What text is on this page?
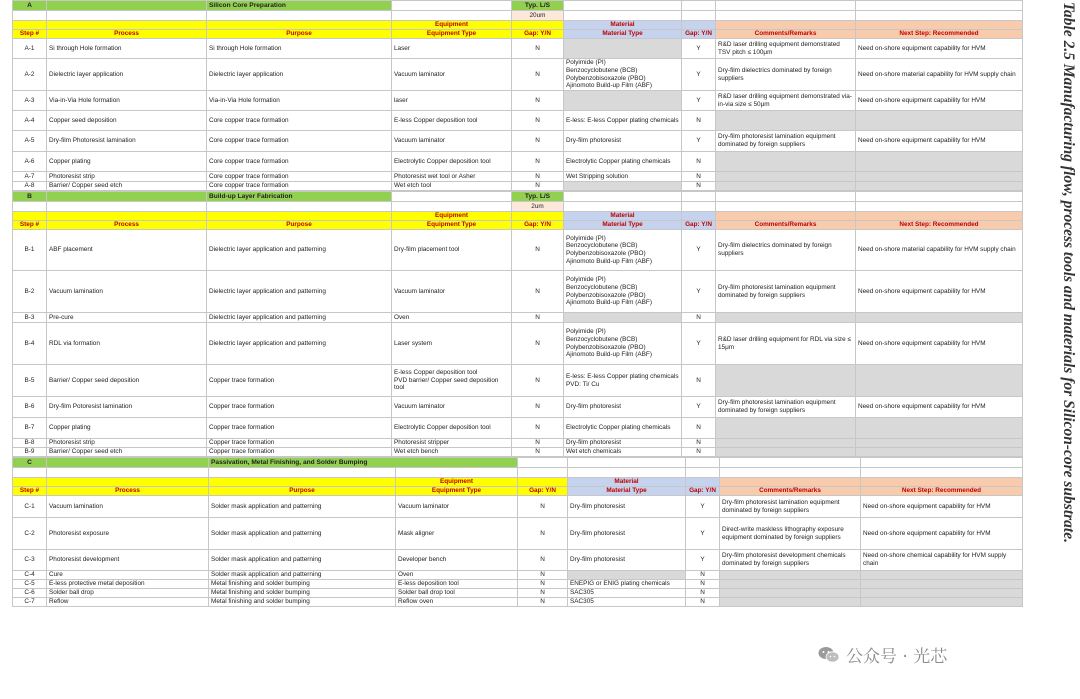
A		Silicon Core Preparation		Typ. L/S				
				20um				
			Equipment		Material			
Step #	Process	Purpose	Equipment Type	Gap: Y/N	Material Type	Gap: Y/N	Comments/Remarks	Next Step: Recommended
A-1	Si through Hole formation	Si through Hole formation	Laser	N		Y	R&D laser drilling equipment demonstrated TSV pitch ≤ 100μm	Need on-shore equipment capability for HVM
A-2	Dielectric layer application	Dielectric layer application	Vacuum laminator	N	Polyimide (PI)
Benzocyclobutene (BCB)
Polybenzobisoxazole (PBO)
Ajinomoto Build-up Film (ABF)	Y	Dry-film dielectrics dominated by foreign suppliers	Need on-shore material capability for HVM supply chain
A-3	Via-in-Via Hole formation	Via-in-Via Hole formation	laser	N		Y	R&D laser drilling equipment demonstrated via-in-via size ≤ 50μm	Need on-shore equipment capability for HVM
A-4	Copper seed deposition	Core copper trace formation	E-less Copper deposition tool	N	E-less: E-less Copper plating chemicals	N		
A-5	Dry-film Photoresist lamination	Core copper trace formation	Vacuum laminator	N	Dry-film photoresist	Y	Dry-film photoresist lamination equipment dominated by foreign suppliers	Need on-shore equipment capability for HVM
A-6	Copper plating	Core copper trace formation	Electrolytic Copper deposition tool	N	Electrolytic Copper plating chemicals	N		
A-7	Photoresist strip	Core copper trace formation	Photoresist wet tool or Asher	N	Wet Stripping solution	N		
A-8	Barrier/ Copper seed etch	Core copper trace formation	Wet etch tool	N		N		
B		Build-up Layer Fabrication		Typ. L/S				
				2um				
			Equipment		Material			
Step #	Process	Purpose	Equipment Type	Gap: Y/N	Material Type	Gap: Y/N	Comments/Remarks	Next Step: Recommended
B-1	ABF placement	Dielectric layer application and patterning	Dry-film placement tool	N	Polyimide (PI)
Benzocyclobutene (BCB)
Polybenzobisoxazole (PBO)
Ajinomoto Build-up Film (ABF)	Y	Dry-film dielectrics dominated by foreign suppliers	Need on-shore material capability for HVM supply chain
B-2	Vacuum lamination	Dielectric layer application and patterning	Vacuum laminator	N	Polyimide (PI)
Benzocyclobutene (BCB)
Polybenzobisoxazole (PBO)
Ajinomoto Build-up Film (ABF)	Y	Dry-film photoresist lamination equipment dominated by foreign suppliers	Need on-shore equipment capability for HVM
B-3	Pre-cure	Dielectric layer application and patterning	Oven	N		N		
B-4	RDL via formation	Dielectric layer application and patterning	Laser system	N	Polyimide (PI)
Benzocyclobutene (BCB)
Polybenzobisoxazole (PBO)
Ajinomoto Build-up Film (ABF)	Y	R&D laser drilling equipment for RDL via size ≤ 15μm	Need on-shore equipment capability for HVM
B-5	Barrier/ Copper seed deposition	Copper trace formation	E-less Copper deposition tool
PVD barrier/ Copper seed deposition tool	N	E-less: E-less Copper plating chemicals
PVD: Ti/ Cu	N		
B-6	Dry-film Potoresist lamination	Copper trace formation	Vacuum laminator	N	Dry-film photoresist	Y	Dry-film photoresist lamination equipment dominated by foreign suppliers	Need on-shore equipment capability for HVM
B-7	Copper plating	Copper trace formation	Electrolytic Copper deposition tool	N	Electrolytic Copper plating chemicals	N		
B-8	Photoresist strip	Copper trace formation	Photoresist stripper	N	Dry-film photoresist	N		
B-9	Barrier/ Copper seed etch	Copper trace formation	Wet etch bench	N	Wet etch chemicals	N		
C		Passivation, Metal Finishing, and Solder Bumping						

			Equipment		Material			
Step #	Process	Purpose	Equipment Type	Gap: Y/N	Material Type	Gap: Y/N	Comments/Remarks	Next Step: Recommended
C-1	Vacuum lamination	Solder mask application and patterning	Vacuum laminator	N	Dry-film photoresist	Y	Dry-film photoresist lamination equipment dominated by foreign suppliers	Need on-shore equipment capability for HVM
C-2	Photoresist exposure	Solder mask application and patterning	Mask aligner	N	Dry-film photoresist	Y	Direct-write maskless lithography exposure equipment dominated by foreign suppliers	Need on-shore equipment capability for HVM
C-3	Photoresist development	Solder mask application and patterning	Developer bench	N	Dry-film photoresist	Y	Dry-film photoresist development chemicals dominated by foreign suppliers	Need on-shore chemical capability for HVM supply chain
C-4	Cure	Solder mask application and patterning	Oven	N		N		
C-5	E-less protective metal deposition	Metal finishing and solder bumping	E-less deposition tool	N	ENEPIG or ENIG plating chemicals	N		
C-6	Solder ball drop	Metal finishing and solder bumping	Solder ball drop tool	N	SAC305	N		
C-7	Reflow	Metal finishing and solder bumping	Reflow oven	N	SAC305	N		
Table 2.5 Manufacturing flow, process tools and materials for Silicon-core substrate.
公众号 · 光芯
